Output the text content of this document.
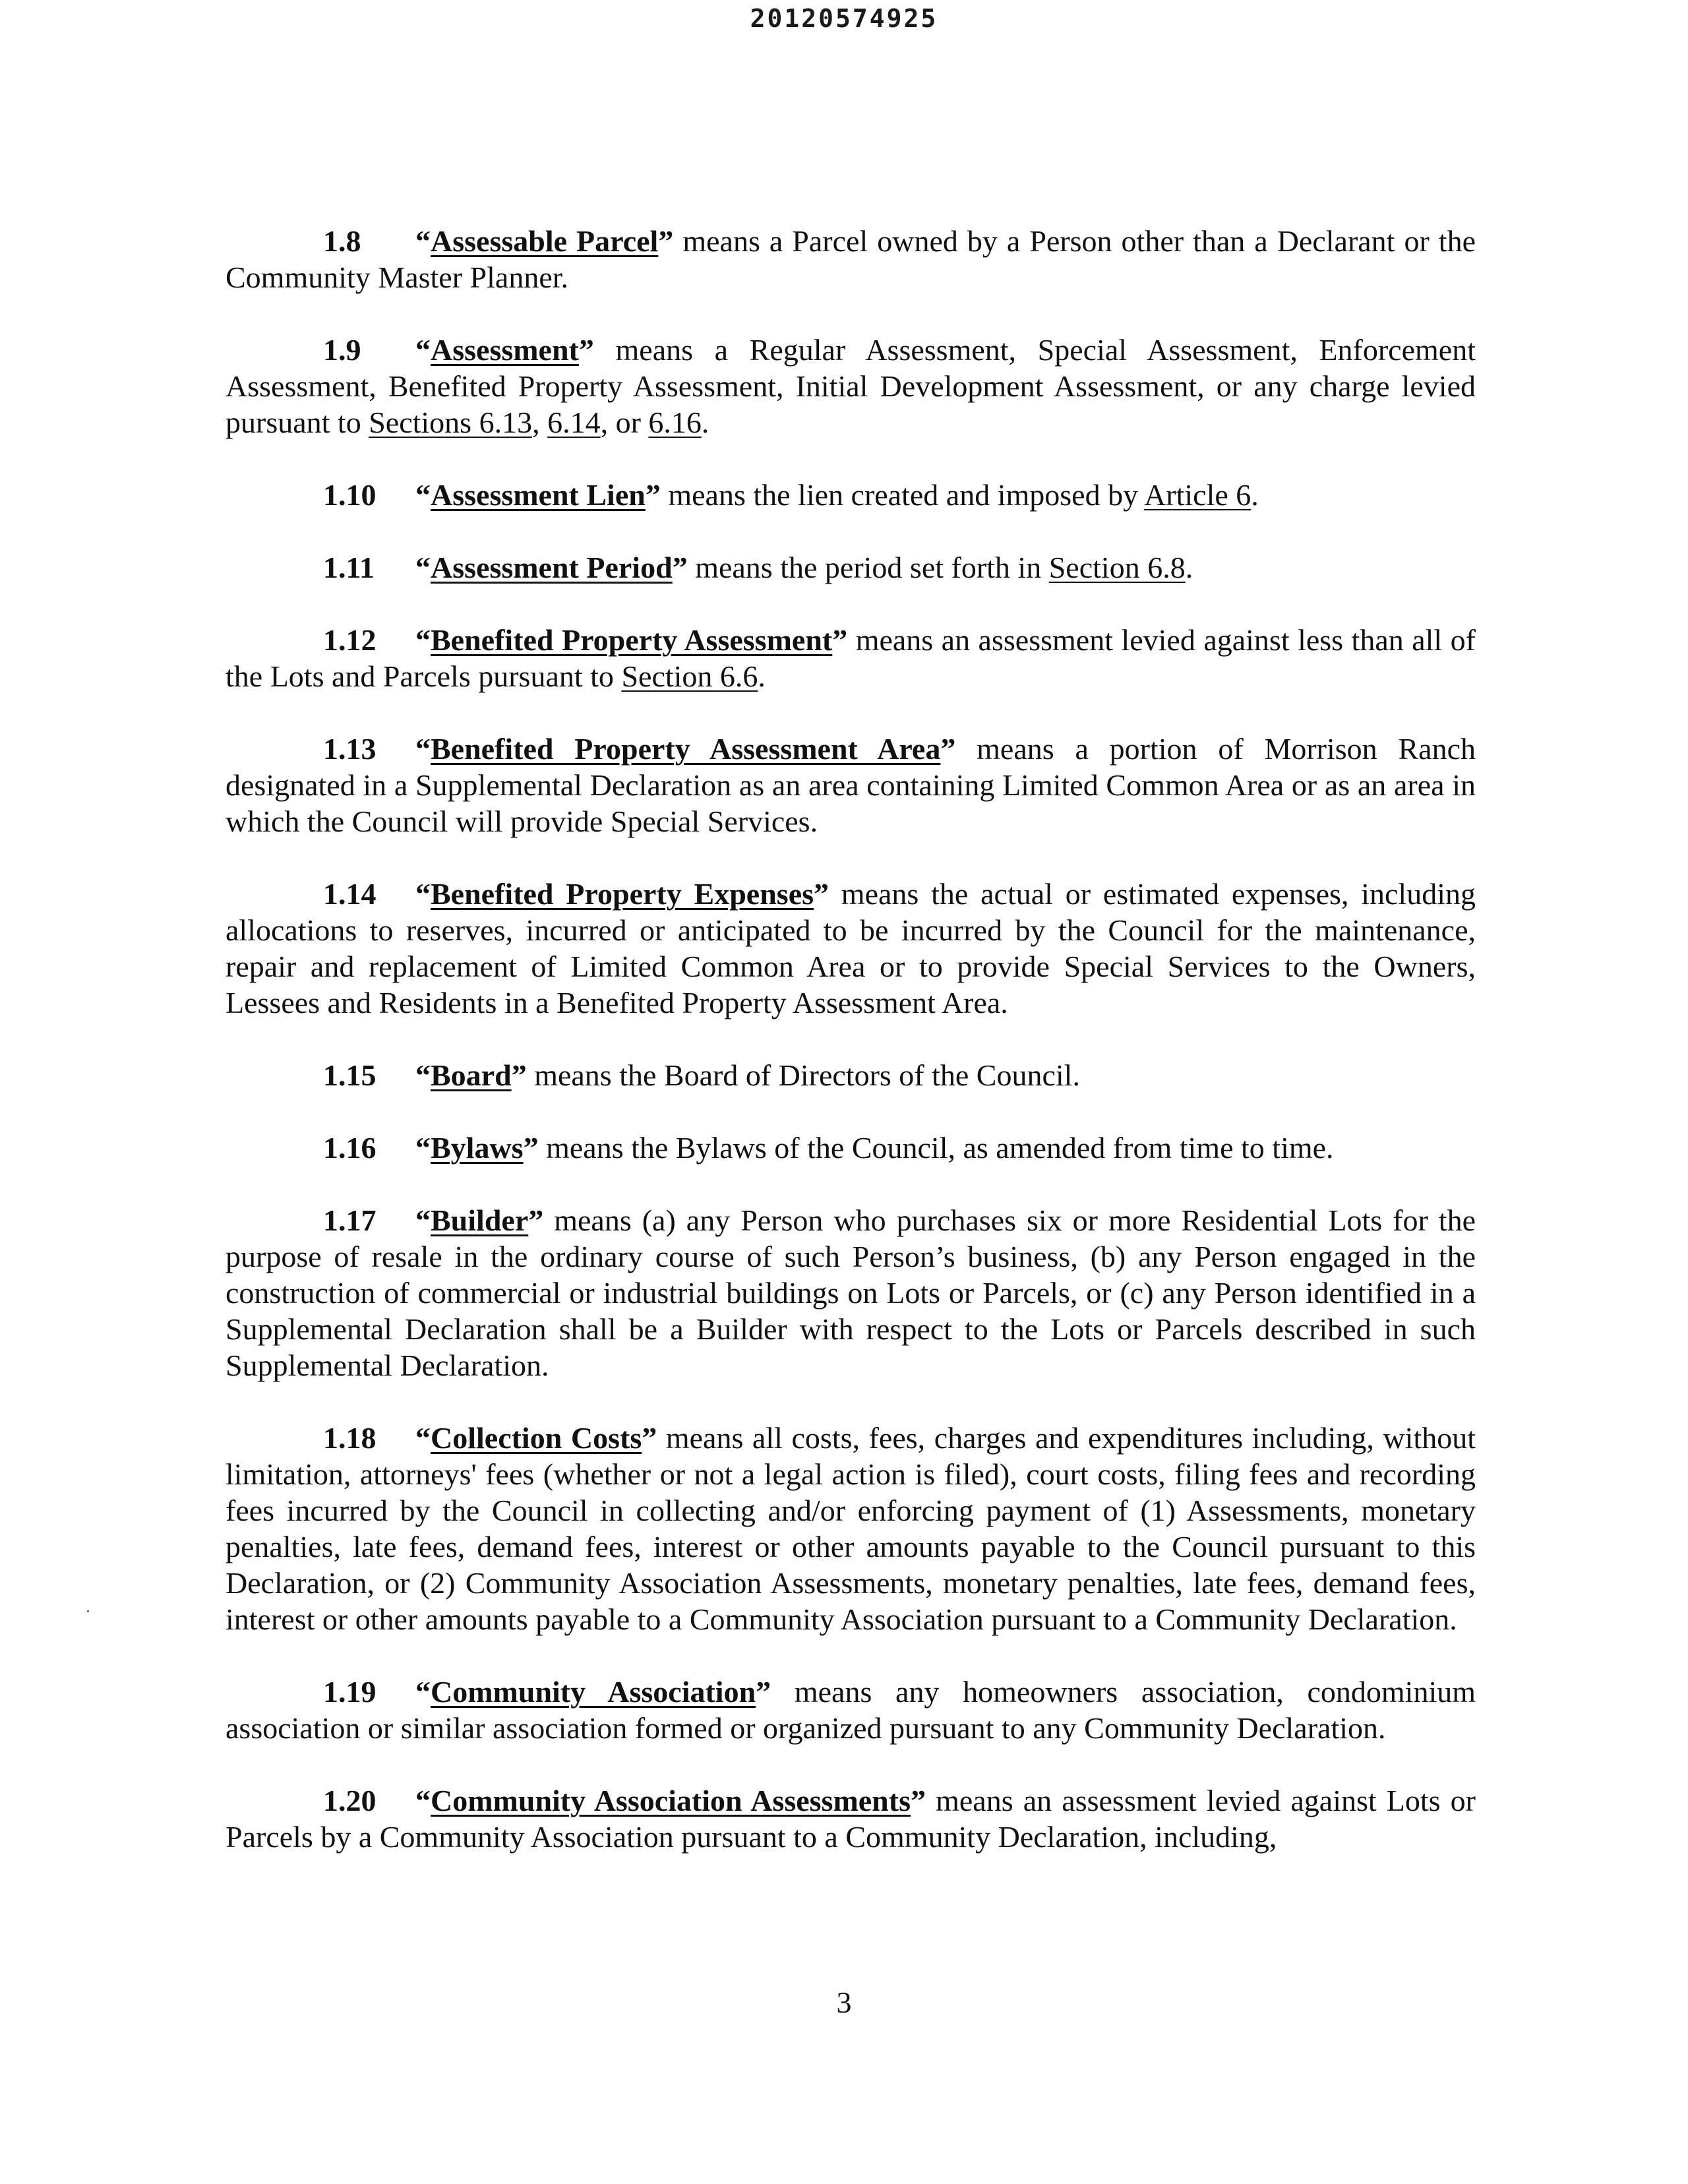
20120574925

1.8 “Assessable Parcel” means a Parcel owned by a Person other than a Declarant or the Community Master Planner.

1.9 “Assessment” means a Regular Assessment, Special Assessment, Enforcement Assessment, Benefited Property Assessment, Initial Development Assessment, or any charge levied pursuant to Sections 6.13, 6.14, or 6.16.

1.10 “Assessment Lien” means the lien created and imposed by Article 6.

1.11 “Assessment Period” means the period set forth in Section 6.8.

1.12 “Benefited Property Assessment” means an assessment levied against less than all of the Lots and Parcels pursuant to Section 6.6.

1.13 “Benefited Property Assessment Area” means a portion of Morrison Ranch designated in a Supplemental Declaration as an area containing Limited Common Area or as an area in which the Council will provide Special Services.

1.14 “Benefited Property Expenses” means the actual or estimated expenses, including allocations to reserves, incurred or anticipated to be incurred by the Council for the maintenance, repair and replacement of Limited Common Area or to provide Special Services to the Owners, Lessees and Residents in a Benefited Property Assessment Area.

1.15 “Board” means the Board of Directors of the Council.

1.16 “Bylaws” means the Bylaws of the Council, as amended from time to time.

1.17 “Builder” means (a) any Person who purchases six or more Residential Lots for the purpose of resale in the ordinary course of such Person’s business, (b) any Person engaged in the construction of commercial or industrial buildings on Lots or Parcels, or (c) any Person identified in a Supplemental Declaration shall be a Builder with respect to the Lots or Parcels described in such Supplemental Declaration.

1.18 “Collection Costs” means all costs, fees, charges and expenditures including, without limitation, attorneys' fees (whether or not a legal action is filed), court costs, filing fees and recording fees incurred by the Council in collecting and/or enforcing payment of (1) Assessments, monetary penalties, late fees, demand fees, interest or other amounts payable to the Council pursuant to this Declaration, or (2) Community Association Assessments, monetary penalties, late fees, demand fees, interest or other amounts payable to a Community Association pursuant to a Community Declaration.

1.19 “Community Association” means any homeowners association, condominium association or similar association formed or organized pursuant to any Community Declaration.

1.20 “Community Association Assessments” means an assessment levied against Lots or Parcels by a Community Association pursuant to a Community Declaration, including,

3
